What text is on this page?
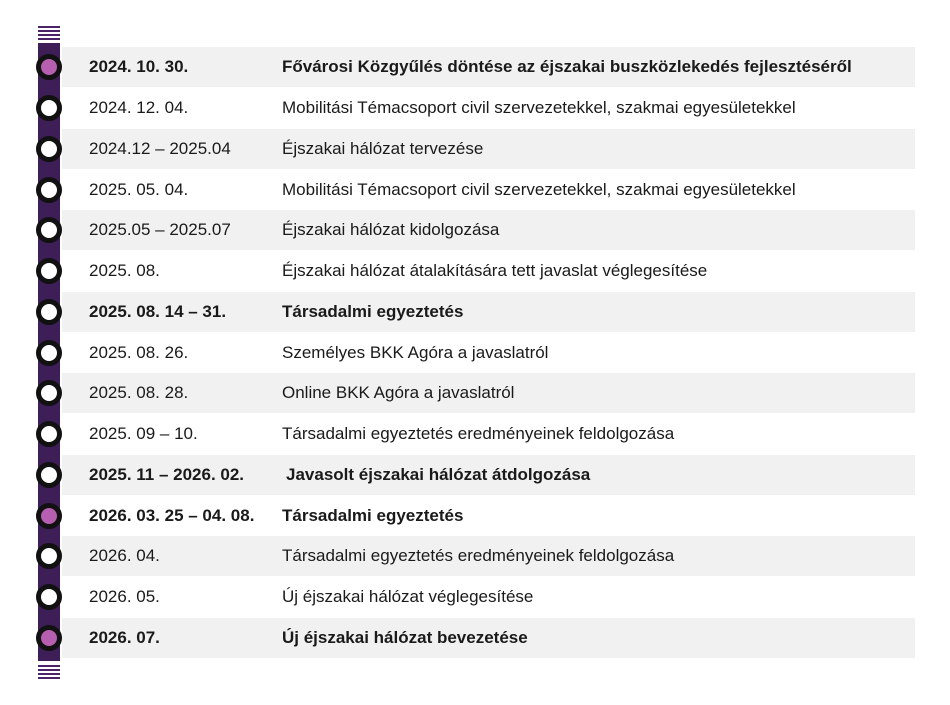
2024. 10. 30.	Fővárosi Közgyűlés döntése az éjszakai buszközlekedés fejlesztéséről
2024. 12. 04.	Mobilitási Témacsoport civil szervezetekkel, szakmai egyesületekkel
2024.12 – 2025.04	Éjszakai hálózat tervezése
2025. 05. 04.	Mobilitási Témacsoport civil szervezetekkel, szakmai egyesületekkel
2025.05 – 2025.07	Éjszakai hálózat kidolgozása
2025. 08.	Éjszakai hálózat átalakítására tett javaslat véglegesítése
2025. 08. 14 – 31.	Társadalmi egyeztetés
2025. 08. 26.	Személyes BKK Agóra a javaslatról
2025. 08. 28.	Online BKK Agóra a javaslatról
2025. 09 – 10.	Társadalmi egyeztetés eredményeinek feldolgozása
2025. 11 – 2026. 02. Javasolt éjszakai hálózat átdolgozása
2026. 03. 25 – 04. 08. Társadalmi egyeztetés
2026. 04.	Társadalmi egyeztetés eredményeinek feldolgozása
2026. 05.	Új éjszakai hálózat véglegesítése
2026. 07.	Új éjszakai hálózat bevezetése
